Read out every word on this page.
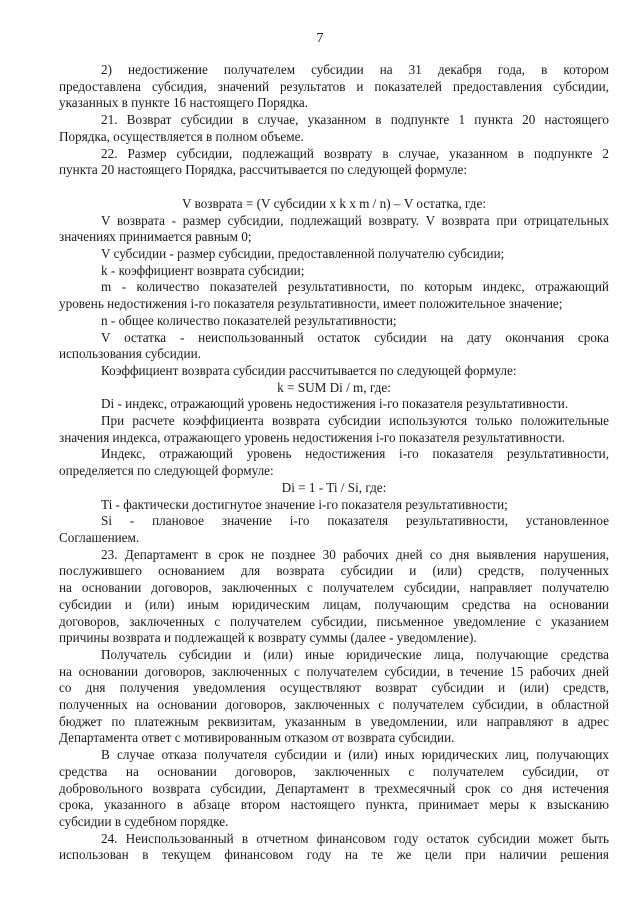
7
2) недостижение получателем субсидии на 31 декабря года, в котором
предоставлена субсидия, значений результатов и показателей предоставления субсидии,
указанных в пункте 16 настоящего Порядка.
21. Возврат субсидии в случае, указанном в подпункте 1 пункта 20 настоящего
Порядка, осуществляется в полном объеме.
22. Размер субсидии, подлежащий возврату в случае, указанном в подпункте 2
пункта 20 настоящего Порядка, рассчитывается по следующей формуле:
V возврата = (V субсидии x k x m / n) – V остатка, где:
V возврата - размер субсидии, подлежащий возврату. V возврата при отрицательных
значениях принимается равным 0;
V субсидии - размер субсидии, предоставленной получателю субсидии;
k - коэффициент возврата субсидии;
m - количество показателей результативности, по которым индекс, отражающий
уровень недостижения i-го показателя результативности, имеет положительное значение;
n - общее количество показателей результативности;
V остатка - неиспользованный остаток субсидии на дату окончания срока
использования субсидии.
Коэффициент возврата субсидии рассчитывается по следующей формуле:
k = SUM Di / m, где:
Di - индекс, отражающий уровень недостижения i-го показателя результативности.
При расчете коэффициента возврата субсидии используются только положительные
значения индекса, отражающего уровень недостижения i-го показателя результативности.
Индекс, отражающий уровень недостижения i-го показателя результативности,
определяется по следующей формуле:
Di = 1 - Ti / Si, где:
Ti - фактически достигнутое значение i-го показателя результативности;
Si - плановое значение i-го показателя результативности, установленное
Соглашением.
23. Департамент в срок не позднее 30 рабочих дней со дня выявления нарушения,
послужившего основанием для возврата субсидии и (или) средств, полученных
на основании договоров, заключенных с получателем субсидии, направляет получателю
субсидии и (или) иным юридическим лицам, получающим средства на основании
договоров, заключенных с получателем субсидии, письменное уведомление с указанием
причины возврата и подлежащей к возврату суммы (далее - уведомление).
Получатель субсидии и (или) иные юридические лица, получающие средства
на основании договоров, заключенных с получателем субсидии, в течение 15 рабочих дней
со дня получения уведомления осуществляют возврат субсидии и (или) средств,
полученных на основании договоров, заключенных с получателем субсидии, в областной
бюджет по платежным реквизитам, указанным в уведомлении, или направляют в адрес
Департамента ответ с мотивированным отказом от возврата субсидии.
В случае отказа получателя субсидии и (или) иных юридических лиц, получающих
средства на основании договоров, заключенных с получателем субсидии, от
добровольного возврата субсидии, Департамент в трехмесячный срок со дня истечения
срока, указанного в абзаце втором настоящего пункта, принимает меры к взысканию
субсидии в судебном порядке.
24. Неиспользованный в отчетном финансовом году остаток субсидии может быть
использован в текущем финансовом году на те же цели при наличии решения
